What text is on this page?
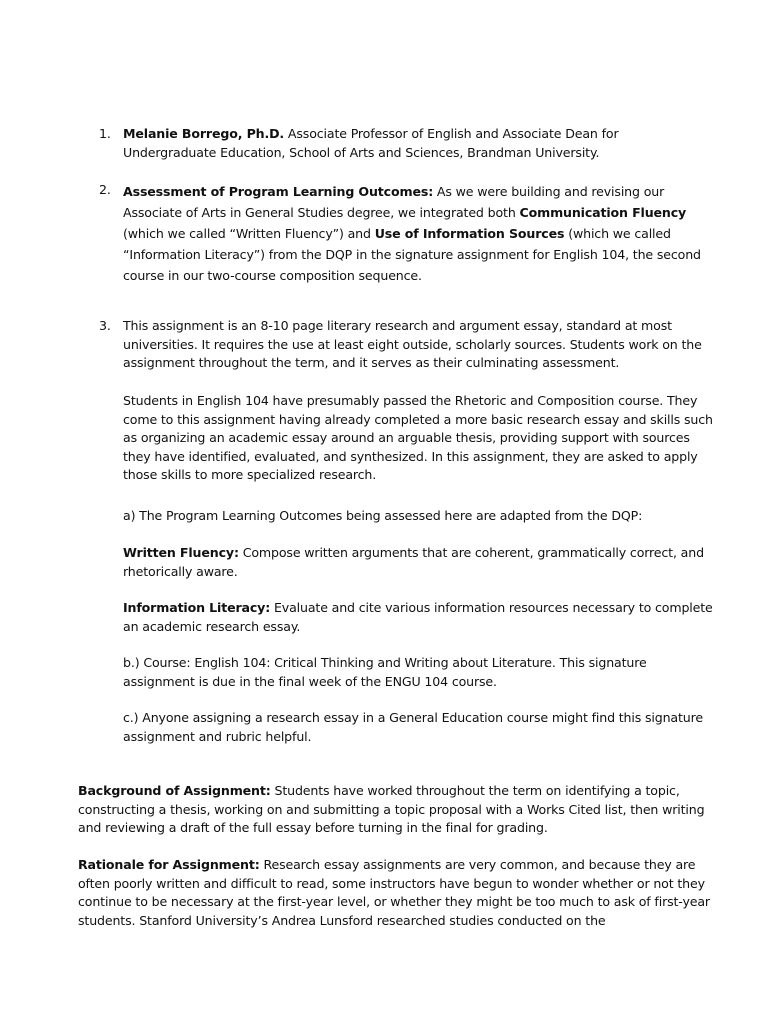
1. Melanie Borrego, Ph.D. Associate Professor of English and Associate Dean for Undergraduate Education, School of Arts and Sciences, Brandman University.

2. Assessment of Program Learning Outcomes: As we were building and revising our Associate of Arts in General Studies degree, we integrated both Communication Fluency (which we called “Written Fluency”) and Use of Information Sources (which we called “Information Literacy”) from the DQP in the signature assignment for English 104, the second course in our two-course composition sequence.

3. This assignment is an 8-10 page literary research and argument essay, standard at most universities. It requires the use at least eight outside, scholarly sources. Students work on the assignment throughout the term, and it serves as their culminating assessment.

Students in English 104 have presumably passed the Rhetoric and Composition course. They come to this assignment having already completed a more basic research essay and skills such as organizing an academic essay around an arguable thesis, providing support with sources they have identified, evaluated, and synthesized. In this assignment, they are asked to apply those skills to more specialized research.

a) The Program Learning Outcomes being assessed here are adapted from the DQP:

Written Fluency: Compose written arguments that are coherent, grammatically correct, and rhetorically aware.

Information Literacy: Evaluate and cite various information resources necessary to complete an academic research essay.

b.) Course: English 104: Critical Thinking and Writing about Literature. This signature assignment is due in the final week of the ENGU 104 course.

c.) Anyone assigning a research essay in a General Education course might find this signature assignment and rubric helpful.

Background of Assignment: Students have worked throughout the term on identifying a topic, constructing a thesis, working on and submitting a topic proposal with a Works Cited list, then writing and reviewing a draft of the full essay before turning in the final for grading.

Rationale for Assignment: Research essay assignments are very common, and because they are often poorly written and difficult to read, some instructors have begun to wonder whether or not they continue to be necessary at the first-year level, or whether they might be too much to ask of first-year students. Stanford University’s Andrea Lunsford researched studies conducted on the
